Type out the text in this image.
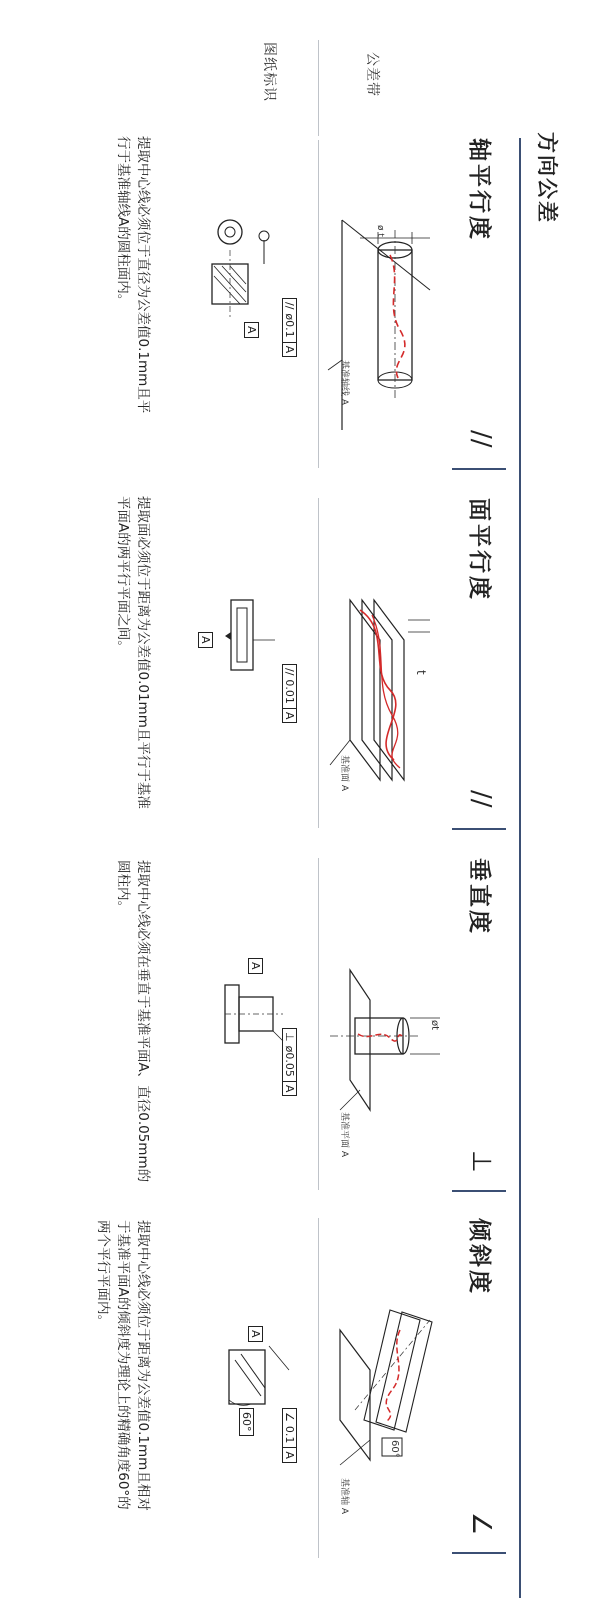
方向公差
公差带
图纸标识
轴平行度
//
ø t
基准轴线 A
//
ø0.1
A
A
提取中心线必须位于直径为公差值0.1mm且平行于基准轴线A的圆柱面内。
面平行度
//
t
基准面 A
//
0.01
A
A
提取面必须位于距离为公差值0.01mm且平行于基准平面A的两平行平面之间。
垂直度
⊥
øt
基准平面 A
⊥
ø0.05
A
A
提取中心线必须在垂直于基准平面A、直径0.05mm的圆柱内。
倾斜度
∠
60°
基准轴 A
∠
0.1
A
A
60°
提取中心线必须位于距离为公差值0.1mm且相对于基准平面A的倾斜度为理论上的精确角度60°的两个平行平面内。
